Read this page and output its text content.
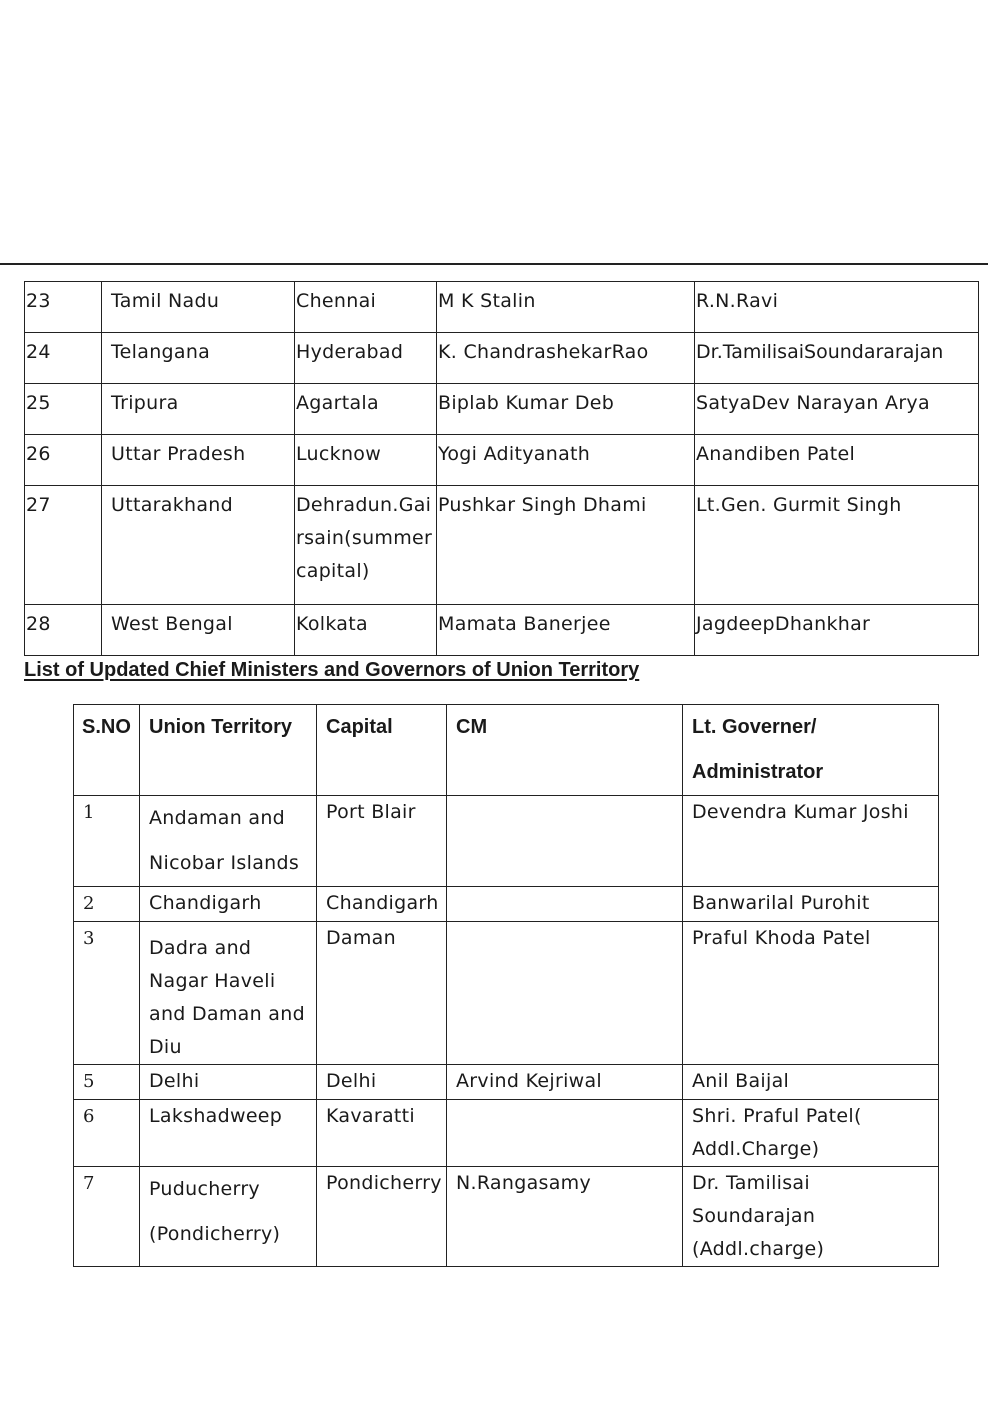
23	Tamil Nadu	Chennai	M K Stalin	R.N.Ravi
24	Telangana	Hyderabad	K. ChandrashekarRao	Dr.TamilisaiSoundararajan
25	Tripura	Agartala	Biplab Kumar Deb	SatyaDev Narayan Arya
26	Uttar Pradesh	Lucknow	Yogi Adityanath	Anandiben Patel
27	Uttarakhand	Dehradun.Gairsain(summer capital)	Pushkar Singh Dhami	Lt.Gen. Gurmit Singh
28	West Bengal	Kolkata	Mamata Banerjee	JagdeepDhankhar
List of Updated Chief Ministers and Governors of Union Territory
S.NO	Union Territory	Capital	CM	Lt. Governer/
Administrator
1	Andaman and Nicobar Islands	Port Blair		Devendra Kumar Joshi
2	Chandigarh	Chandigarh		Banwarilal Purohit
3	Dadra and Nagar Haveli and Daman and Diu	Daman		Praful Khoda Patel
5	Delhi	Delhi	Arvind Kejriwal	Anil Baijal
6	Lakshadweep	Kavaratti		Shri. Praful Patel( Addl.Charge)
7	Puducherry (Pondicherry)	Pondicherry	N.Rangasamy	Dr. Tamilisai Soundarajan (Addl.charge)
